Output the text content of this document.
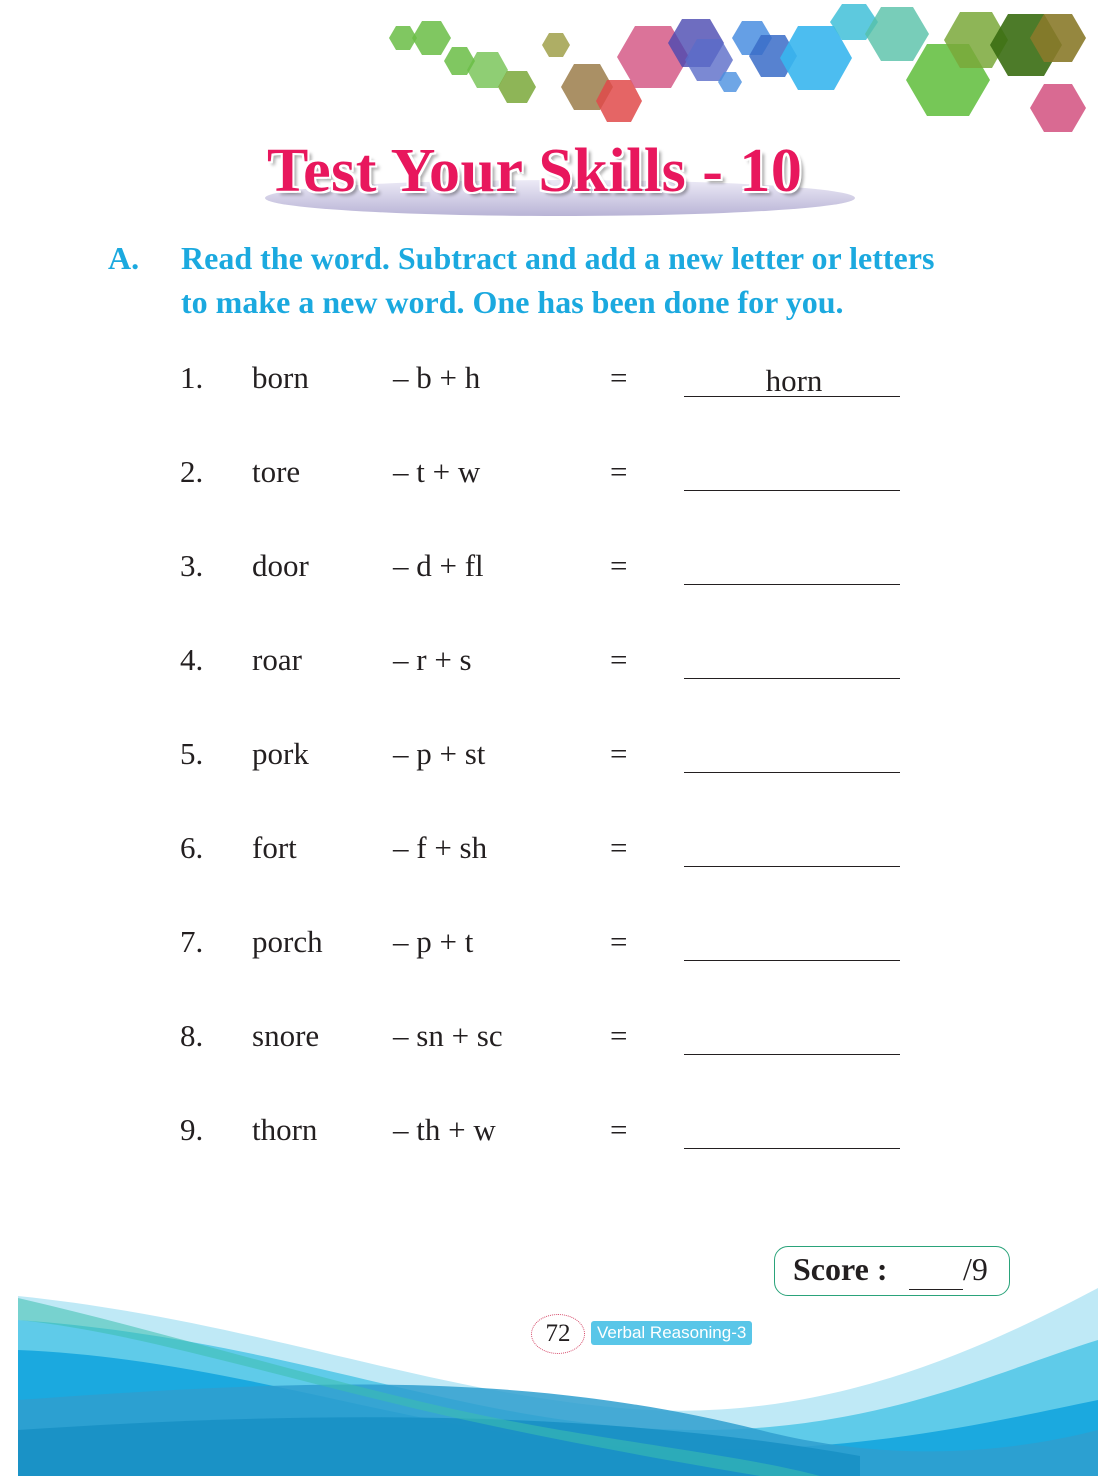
Test Your Skills - 10
A. Read the word. Subtract and add a new letter or letters
to make a new word. One has been done for you.
1. born	– b + h	=	horn
2. tore	– t + w	=
3. door	– d + fl	=
4. roar	– r + s	=
5. pork	– p + st	=
6. fort	– f + sh	=
7. porch – p + t	=
8. snore – sn + sc	=
9. thorn – th + w	=
Score : /9
72	Verbal Reasoning-3
